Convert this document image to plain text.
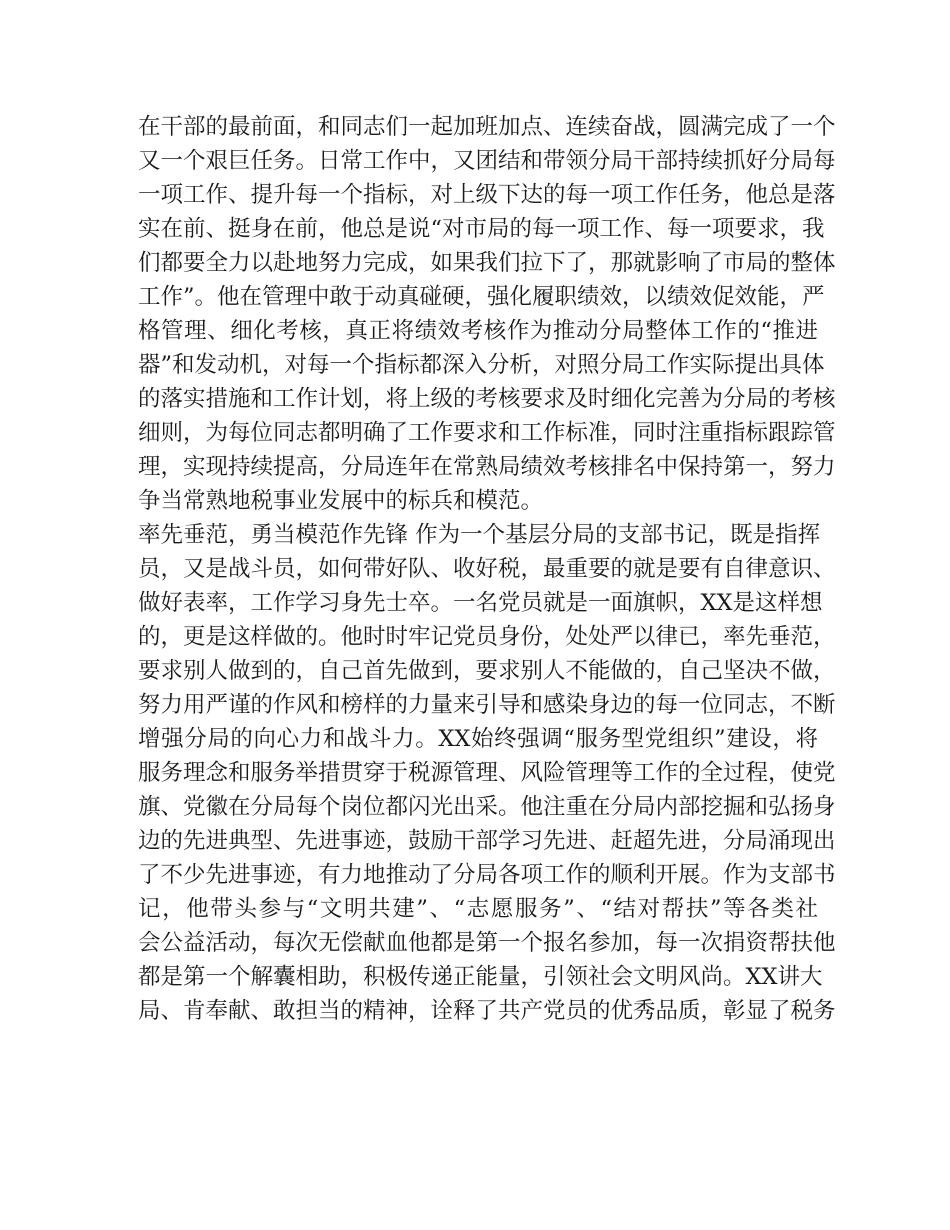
在干部的最前面，和同志们一起加班加点、连续奋战，圆满完成了一个
又一个艰巨任务。日常工作中，又团结和带领分局干部持续抓好分局每
一项工作、提升每一个指标，对上级下达的每一项工作任务，他总是落
实在前、挺身在前，他总是说“对市局的每一项工作、每一项要求，我
们都要全力以赴地努力完成，如果我们拉下了，那就影响了市局的整体
工作”。他在管理中敢于动真碰硬，强化履职绩效，以绩效促效能，严
格管理、细化考核，真正将绩效考核作为推动分局整体工作的“推进
器”和发动机，对每一个指标都深入分析，对照分局工作实际提出具体
的落实措施和工作计划，将上级的考核要求及时细化完善为分局的考核
细则，为每位同志都明确了工作要求和工作标准，同时注重指标跟踪管
理，实现持续提高，分局连年在常熟局绩效考核排名中保持第一，努力
争当常熟地税事业发展中的标兵和模范。
率先垂范，勇当模范作先锋 作为一个基层分局的支部书记，既是指挥
员，又是战斗员，如何带好队、收好税，最重要的就是要有自律意识、
做好表率，工作学习身先士卒。一名党员就是一面旗帜，XX是这样想
的，更是这样做的。他时时牢记党员身份，处处严以律已，率先垂范，
要求别人做到的，自己首先做到，要求别人不能做的，自己坚决不做，
努力用严谨的作风和榜样的力量来引导和感染身边的每一位同志，不断
增强分局的向心力和战斗力。XX始终强调“服务型党组织”建设，将
服务理念和服务举措贯穿于税源管理、风险管理等工作的全过程，使党
旗、党徽在分局每个岗位都闪光出采。他注重在分局内部挖掘和弘扬身
边的先进典型、先进事迹，鼓励干部学习先进、赶超先进，分局涌现出
了不少先进事迹，有力地推动了分局各项工作的顺利开展。作为支部书
记，他带头参与“文明共建”、“志愿服务”、“结对帮扶”等各类社
会公益活动，每次无偿献血他都是第一个报名参加，每一次捐资帮扶他
都是第一个解囊相助，积极传递正能量，引领社会文明风尚。XX讲大
局、肯奉献、敢担当的精神，诠释了共产党员的优秀品质，彰显了税务
